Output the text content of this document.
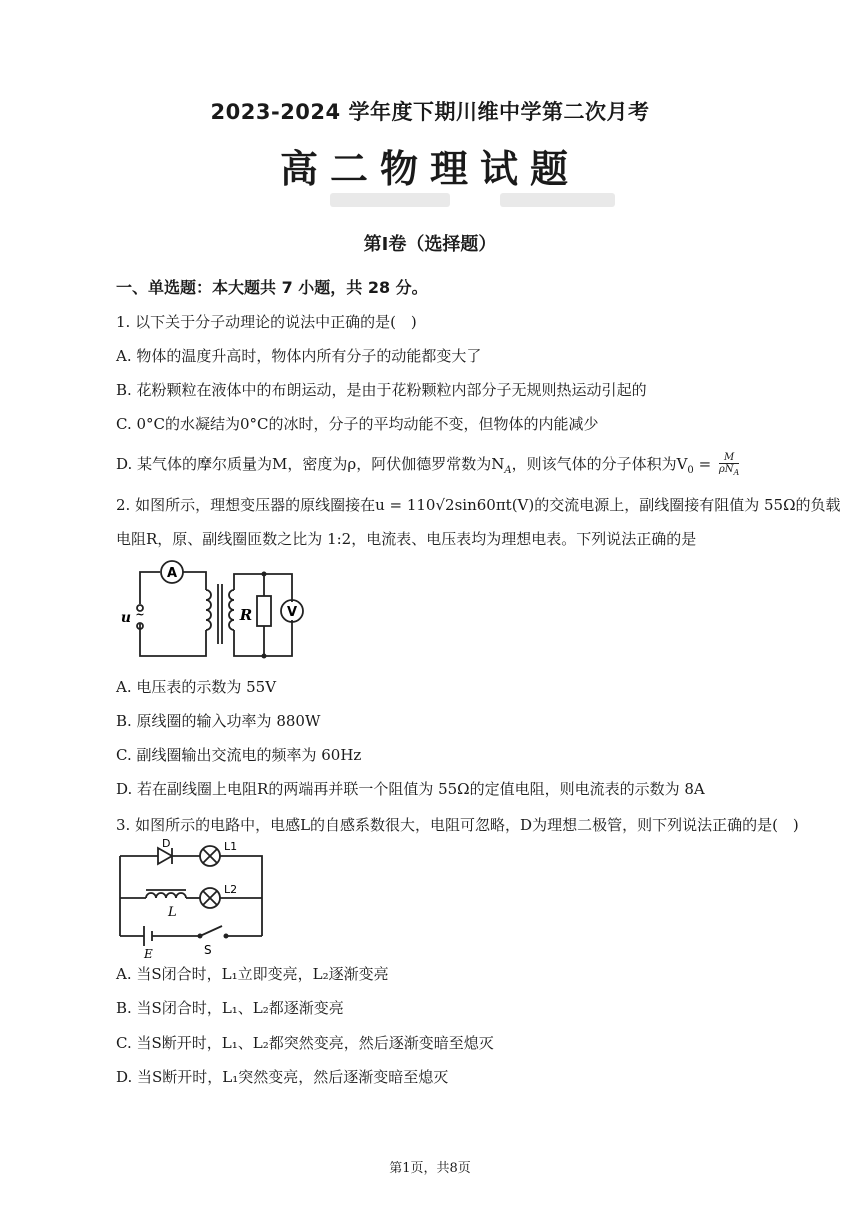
2023-2024 学年度下期川维中学第二次月考
高二物理试题
第Ⅰ卷（选择题）
一、单选题：本大题共 7 小题，共 28 分。
1. 以下关于分子动理论的说法中正确的是(　)
A. 物体的温度升高时，物体内所有分子的动能都变大了
B. 花粉颗粒在液体中的布朗运动，是由于花粉颗粒内部分子无规则热运动引起的
C. 0°C的水凝结为0°C的冰时，分子的平均动能不变，但物体的内能减少
D. 某气体的摩尔质量为M，密度为ρ，阿伏伽德罗常数为$N_A$，则该气体的分子体积为$V_0 = \frac{M}{\rho N_A}$
2. 如图所示，理想变压器的原线圈接在u = 110√2sin60πt(V)的交流电源上，副线圈接有阻值为 55Ω的负载
电阻R，原、副线圈匝数之比为 1:2，电流表、电压表均为理想电表。下列说法正确的是
A
V
R
u ~
A. 电压表的示数为 55V
B. 原线圈的输入功率为 880W
C. 副线圈输出交流电的频率为 60Hz
D. 若在副线圈上电阻R的两端再并联一个阻值为 55Ω的定值电阻，则电流表的示数为 8A
3. 如图所示的电路中，电感L的自感系数很大，电阻可忽略，D为理想二极管，则下列说法正确的是(　)
D	L1
L2
L
E	S
A. 当S闭合时，L₁立即变亮，L₂逐渐变亮
B. 当S闭合时，L₁、L₂都逐渐变亮
C. 当S断开时，L₁、L₂都突然变亮，然后逐渐变暗至熄灭
D. 当S断开时，L₁突然变亮，然后逐渐变暗至熄灭
第1页，共8页
